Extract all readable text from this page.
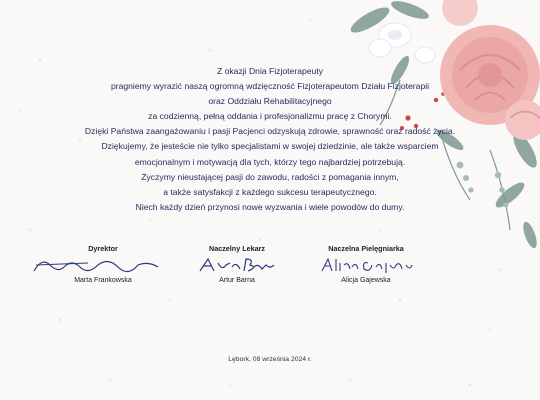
Z okazji Dnia Fizjoterapeuty

pragniemy wyrazić naszą ogromną wdzięczność Fizjoterapeutom Działu Fizjoterapii

oraz Oddziału Rehabilitacyjnego

za codzienną, pełną oddania i profesjonalizmu pracę z Chorymi.

Dzięki Państwa zaangażowaniu i pasji Pacjenci odzyskują zdrowie, sprawność oraz radość życia.

Dziękujemy, że jesteście nie tylko specjalistami w swojej dziedzinie, ale także wsparciem

emocjonalnym i motywacją dla tych, którzy tego najbardziej potrzebują.

Życzymy nieustającej pasji do zawodu, radości z pomagania innym,

a także satysfakcji z każdego sukcesu terapeutycznego.

Niech każdy dzień przynosi nowe wyzwania i wiele powodów do dumy.

Dyrektor
Marta Frankowska
Naczelny Lekarz
Artur Barna
Naczelna Pielęgniarka
Alicja Gajewska
Lębork, 08 września 2024 r.
